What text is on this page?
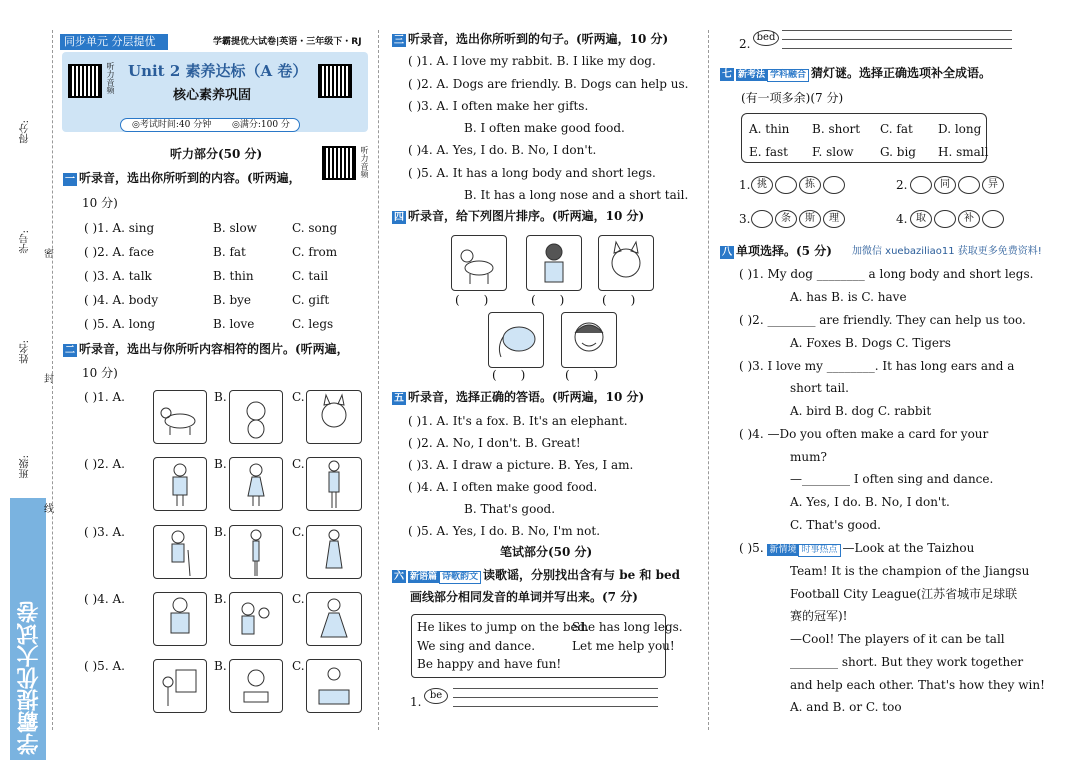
学霸提优大试卷
得分:
学号:
姓名:
班级:
密
封
线
同步单元 分层提优	学霸提优大试卷|英语・三年级下・RJ
听力音频 Unit 2 素养达标（A 卷）
核心素养巩固
◎考试时间:40 分钟 ◎满分:100 分
听力部分(50 分)	听力音频
一 听录音，选出你所听到的内容。(听两遍，
10 分)
( )1. A. sing	B. slow	C. song
( )2. A. face	B. fat	C. from
( )3. A. talk	B. thin	C. tail
( )4. A. body	B. bye	C. gift
( )5. A. long	B. love	C. legs
二 听录音，选出与你所听内容相符的图片。(听两遍，
10 分)
( )1. A.
( )2. A.
( )3. A.
( )4. A.
( )5. A.
B.	C.
B.	C.
B.	C.
B.	C.
B.	C.
三 听录音，选出你所听到的句子。(听两遍，10 分)
( )1. A. I love my rabbit. B. I like my dog.
( )2. A. Dogs are friendly. B. Dogs can help us.
( )3. A. I often make her gifts.
B. I often make good food.
( )4. A. Yes, I do. B. No, I don't.
( )5. A. It has a long body and short legs.
B. It has a long nose and a short tail.
四 听录音，给下列图片排序。(听两遍，10 分)
(　　)	(　　)	(　　)
(　　)	(　　)
五 听录音，选择正确的答语。(听两遍，10 分)
( )1. A. It's a fox. B. It's an elephant.
( )2. A. No, I don't. B. Great!
( )3. A. I draw a picture. B. Yes, I am.
( )4. A. I often make good food.
B. That's good.
( )5. A. Yes, I do. B. No, I'm not.
笔试部分(50 分)
六 新语篇 诗歌韵文 读歌谣，分别找出含有与 be 和 bed
画线部分相同发音的单词并写出来。(7 分)
He likes to jump on the bed.
She has long legs.
We sing and dance.	Let me help you!
Be happy and have fun!
1. be
2. bed
七 新考法 学科融合 猜灯谜。选择正确选项补全成语。
(有一项多余)(7 分)
A. thin B. short C. fat D. long
E. fast F. slow G. big H. small
1. 挑	拣	2.	同	异
3.	条	斯	理	4. 取	补
八 单项选择。(5 分) 加微信 xuebaziliao11 获取更多免费资料!
( )1. My dog ________ a long body and short legs.
A. has B. is C. have
( )2. ________ are friendly. They can help us too.
A. Foxes B. Dogs C. Tigers
( )3. I love my ________. It has long ears and a
short tail.
A. bird B. dog C. rabbit
( )4. —Do you often make a card for your
mum?
—________ I often sing and dance.
A. Yes, I do. B. No, I don't.
C. That's good.
( )5. 新情境 时事热点 —Look at the Taizhou
Team! It is the champion of the Jiangsu
Football City League(江苏省城市足球联
赛的冠军)!
—Cool! The players of it can be tall
________ short. But they work together
and help each other. That's how they win!
A. and B. or C. too
